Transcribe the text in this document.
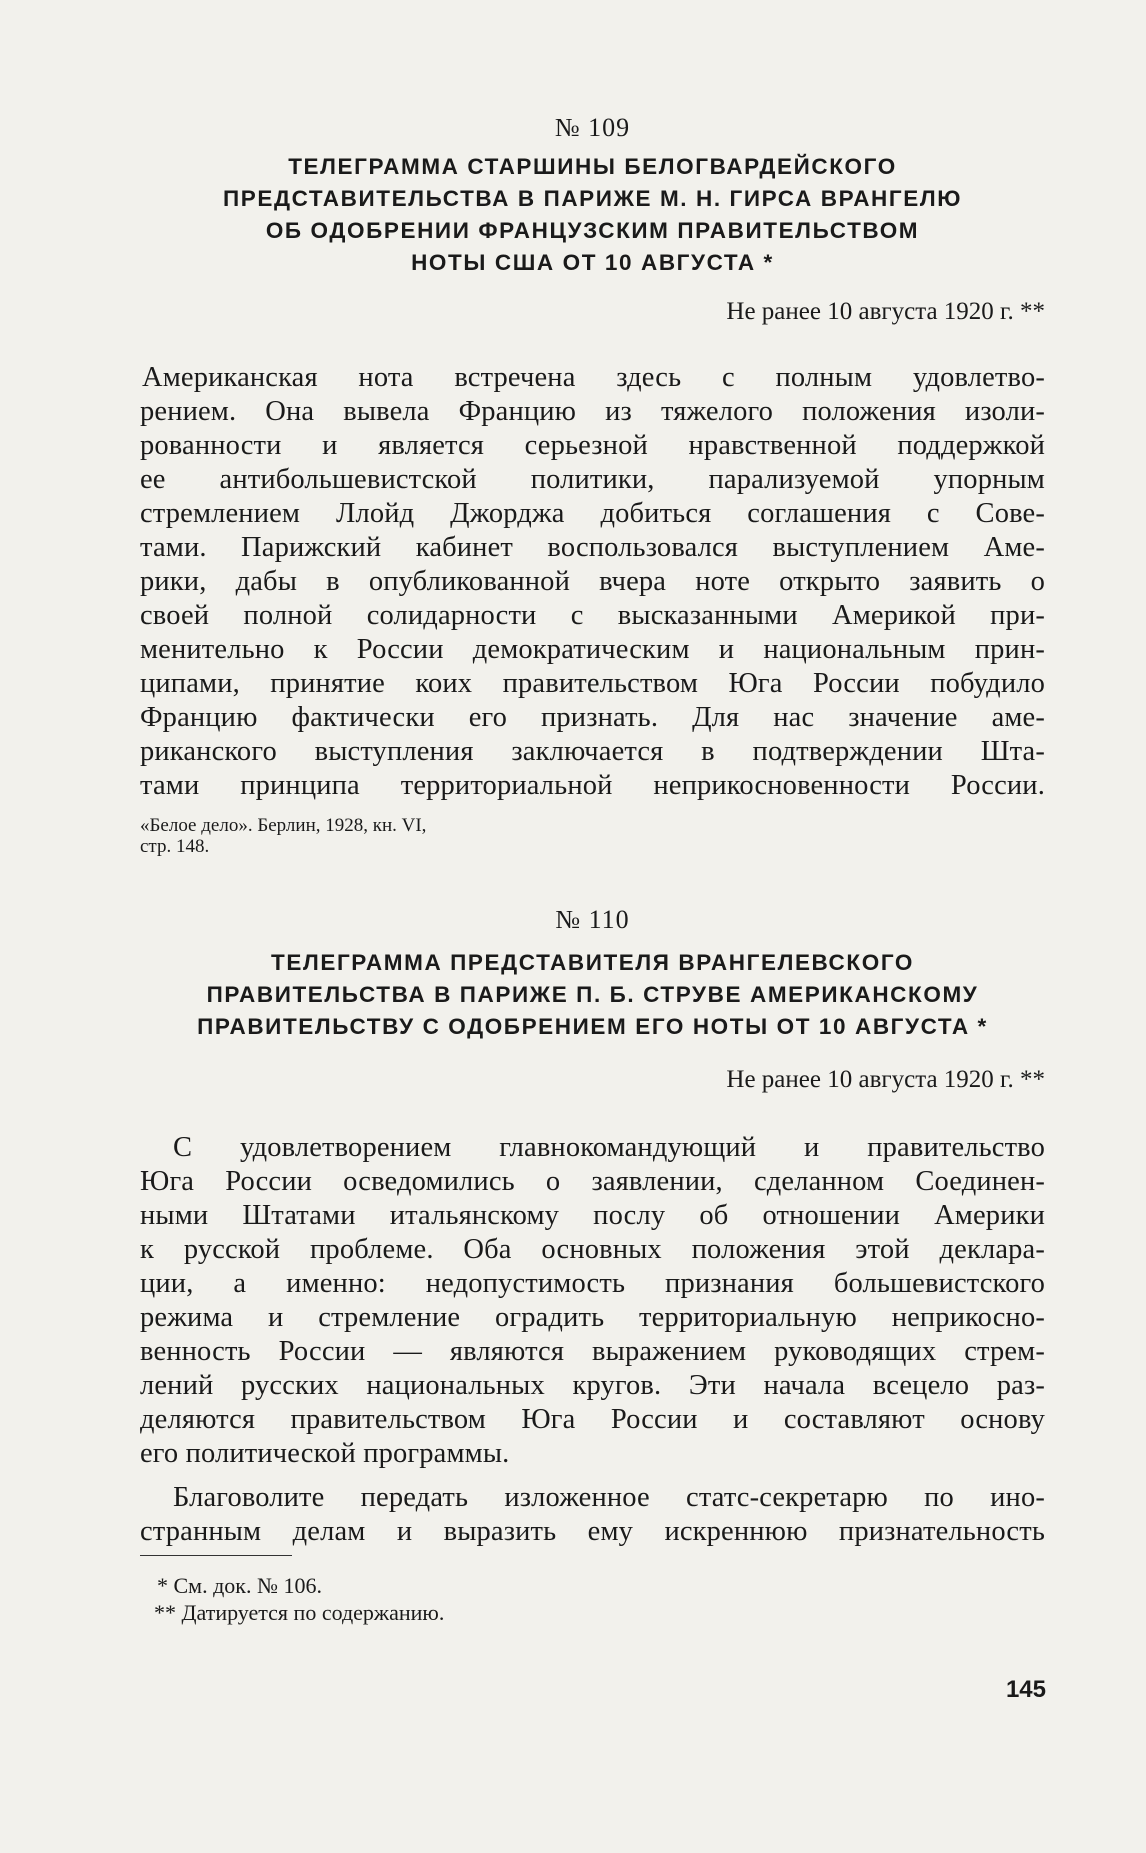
№ 109
ТЕЛЕГРАММА СТАРШИНЫ БЕЛОГВАРДЕЙСКОГО
ПРЕДСТАВИТЕЛЬСТВА В ПАРИЖЕ М. Н. ГИРСА ВРАНГЕЛЮ
ОБ ОДОБРЕНИИ ФРАНЦУЗСКИМ ПРАВИТЕЛЬСТВОМ
НОТЫ США ОТ 10 АВГУСТА *
Не ранее 10 августа 1920 г. **

Американская нота встречена здесь с полным удовлетво-
рением. Она вывела Францию из тяжелого положения изоли-
рованности и является серьезной нравственной поддержкой
ее антибольшевистской политики, парализуемой упорным
стремлением Ллойд Джорджа добиться соглашения с Сове-
тами. Парижский кабинет воспользовался выступлением Аме-
рики, дабы в опубликованной вчера ноте открыто заявить о
своей полной солидарности с высказанными Америкой при-
менительно к России демократическим и национальным прин-
ципами, принятие коих правительством Юга России побудило
Францию фактически его признать. Для нас значение аме-
риканского выступления заключается в подтверждении Шта-
тами принципа территориальной неприкосновенности России.

«Белое дело». Берлин, 1928, кн. VI,
стр. 148.
№ 110
ТЕЛЕГРАММА ПРЕДСТАВИТЕЛЯ ВРАНГЕЛЕВСКОГО
ПРАВИТЕЛЬСТВА В ПАРИЖЕ П. Б. СТРУВЕ АМЕРИКАНСКОМУ
ПРАВИТЕЛЬСТВУ С ОДОБРЕНИЕМ ЕГО НОТЫ ОТ 10 АВГУСТА *
Не ранее 10 августа 1920 г. **

С удовлетворением главнокомандующий и правительство
Юга России осведомились о заявлении, сделанном Соединен-
ными Штатами итальянскому послу об отношении Америки
к русской проблеме. Оба основных положения этой деклара-
ции, а именно: недопустимость признания большевистского
режима и стремление оградить территориальную неприкосно-
венность России — являются выражением руководящих стрем-
лений русских национальных кругов. Эти начала всецело раз-
деляются правительством Юга России и составляют основу
его политической программы.

Благоволите передать изложенное статс-секретарю по ино-
странным делам и выразить ему искреннюю признательность

* См. док. № 106.
** Датируется по содержанию.
145
